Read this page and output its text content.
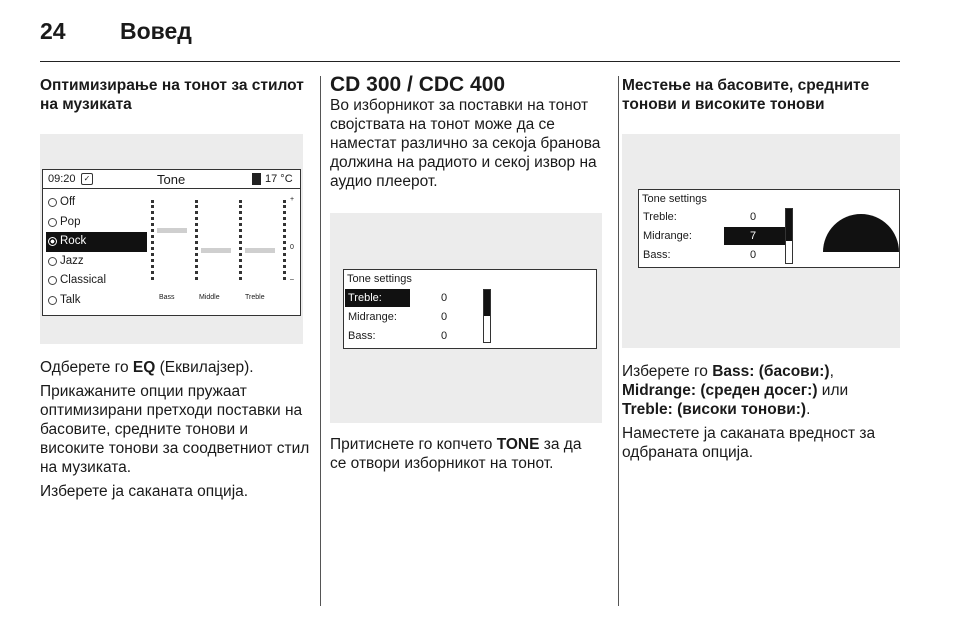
24 Вовед
Оптимизирање на тонот за стилот на музиката
09:20	✓	Tone	17 °C
Off
Pop
Rock
Jazz
Classical
Talk
+
0
–
Bass	Middle	Treble

Одберете го EQ (Еквилајзер).

Прикажаните опции пружаат оптимизирани претходи поставки на басовите, средните тонови и високите тонови за соодветниот стил на музиката.

Изберете ја саканата опција.

CD 300 / CDC 400

Во изборникот за поставки на тонот својствата на тонот може да се наместат различно за секоја бранова должина на радиото и секој извор на аудио плеерот.

Tone settings
Treble:	0
Midrange:	0
Bass:	0

Притиснете го копчето TONE за да се отвори изборникот на тонот.

Местење на басовите, средните тонови и високите тонови
Tone settings
Treble:	0
Midrange:	7
Bass:	0

Изберете го Bass: (басови:),
Midrange: (среден досег:) или
Treble: (високи тонови:).

Наместете ја саканата вредност за одбраната опција.
